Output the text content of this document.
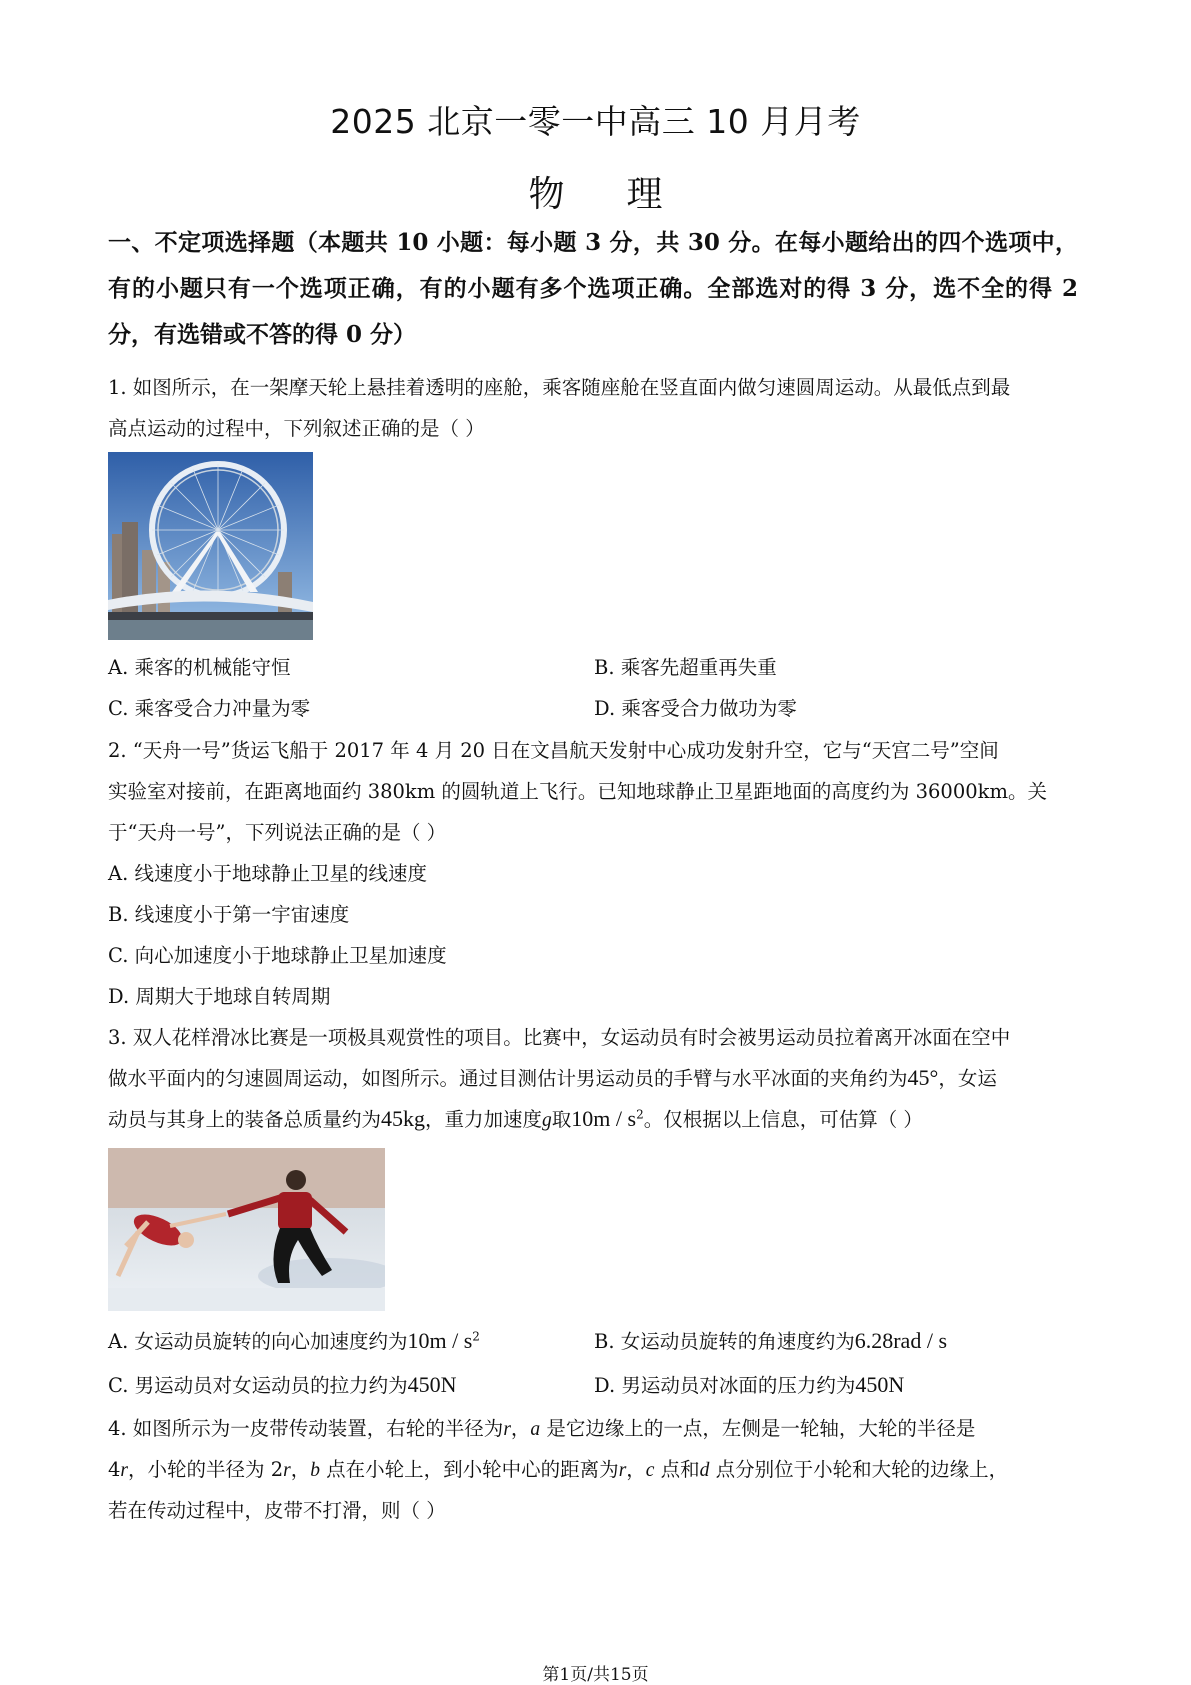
2025 北京一零一中高三 10 月月考
物理
一、不定项选择题（本题共 10 小题：每小题 3 分，共 30 分。在每小题给出的四个选项中，有的小题只有一个选项正确，有的小题有多个选项正确。全部选对的得 3 分，选不全的得 2 分，有选错或不答的得 0 分）
1. 如图所示，在一架摩天轮上悬挂着透明的座舱，乘客随座舱在竖直面内做匀速圆周运动。从最低点到最
高点运动的过程中，下列叙述正确的是（ ）
A. 乘客的机械能守恒	B. 乘客先超重再失重
C. 乘客受合力冲量为零	D. 乘客受合力做功为零
2. “天舟一号”货运飞船于 2017 年 4 月 20 日在文昌航天发射中心成功发射升空，它与“天宫二号”空间
实验室对接前，在距离地面约 380km 的圆轨道上飞行。已知地球静止卫星距地面的高度约为 36000km。关
于“天舟一号”，下列说法正确的是（ ）
A. 线速度小于地球静止卫星的线速度
B. 线速度小于第一宇宙速度
C. 向心加速度小于地球静止卫星加速度
D. 周期大于地球自转周期
3. 双人花样滑冰比赛是一项极具观赏性的项目。比赛中，女运动员有时会被男运动员拉着离开冰面在空中
做水平面内的匀速圆周运动，如图所示。通过目测估计男运动员的手臂与水平冰面的夹角约为45°，女运
动员与其身上的装备总质量约为45kg，重力加速度g取$10m / s^2$。仅根据以上信息，可估算（ ）
A. 女运动员旋转的向心加速度约为$10m / s^2$	B. 女运动员旋转的角速度约为6.28rad / s
C. 男运动员对女运动员的拉力约为450N	D. 男运动员对冰面的压力约为450N
4. 如图所示为一皮带传动装置，右轮的半径为r，a 是它边缘上的一点，左侧是一轮轴，大轮的半径是
4r，小轮的半径为 2r，b 点在小轮上，到小轮中心的距离为r，c 点和d 点分别位于小轮和大轮的边缘上，
若在传动过程中，皮带不打滑，则（ ）
第1页/共15页
